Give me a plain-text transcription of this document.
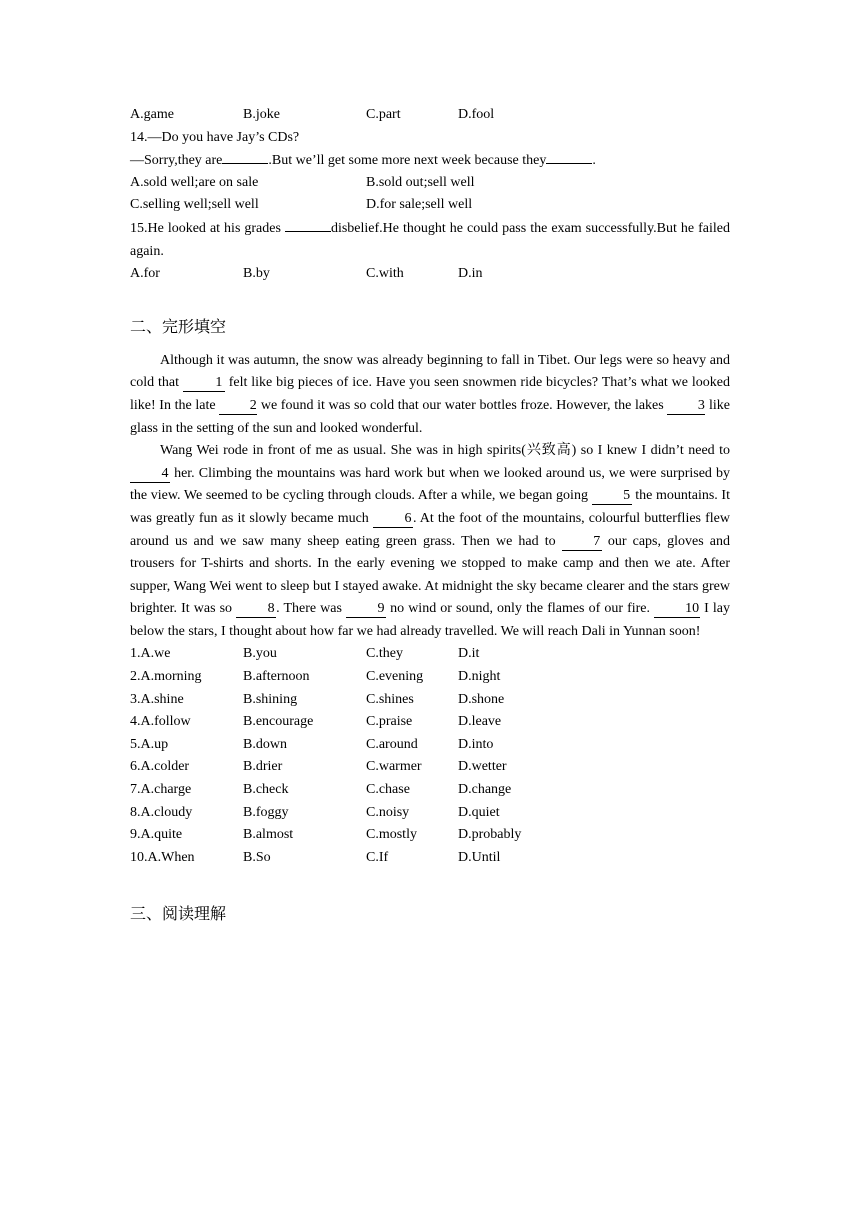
A.game	B.joke	C.part	D.fool
14.—Do you have Jay’s CDs?
—Sorry,they are	.But we’ll get some more next week because they	.
A.sold well;are on sale	B.sold out;sell well
C.selling well;sell well	D.for sale;sell well

15.He looked at his grades	disbelief.He thought he could pass the exam successfully.But he failed again.

A.for	B.by	C.with	D.in
二、完形填空

Although it was autumn, the snow was already beginning to fall in Tibet. Our legs were so heavy and cold that 1 felt like big pieces of ice. Have you seen snowmen ride bicycles? That’s what we looked like! In the late 2 we found it was so cold that our water bottles froze. However, the lakes 3 like glass in the setting of the sun and looked wonderful.

Wang Wei rode in front of me as usual. She was in high spirits(兴致高) so I knew I didn’t need to 4 her. Climbing the mountains was hard work but when we looked around us, we were surprised by the view. We seemed to be cycling through clouds. After a while, we began going 5 the mountains. It was greatly fun as it slowly became much 6 . At the foot of the mountains, colourful butterflies flew around us and we saw many sheep eating green grass. Then we had to 7 our caps, gloves and trousers for T-shirts and shorts. In the early evening we stopped to make camp and then we ate. After supper, Wang Wei went to sleep but I stayed awake. At midnight the sky became clearer and the stars grew brighter. It was so 8 . There was 9 no wind or sound, only the flames of our fire. 10 I lay below the stars, I thought about how far we had already travelled. We will reach Dali in Yunnan soon!

1.A.we	B.you	C.they	D.it
2.A.morning	B.afternoon	C.evening D.night
3.A.shine	B.shining	C.shines	D.shone
4.A.follow	B.encourage	C.praise	D.leave
5.A.up	B.down	C.around	D.into
6.A.colder	B.drier	C.warmer	D.wetter
7.A.charge	B.check	C.chase	D.change
8.A.cloudy	B.foggy	C.noisy	D.quiet
9.A.quite	B.almost	C.mostly	D.probably
10.A.When	B.So	C.If	D.Until
三、阅读理解
